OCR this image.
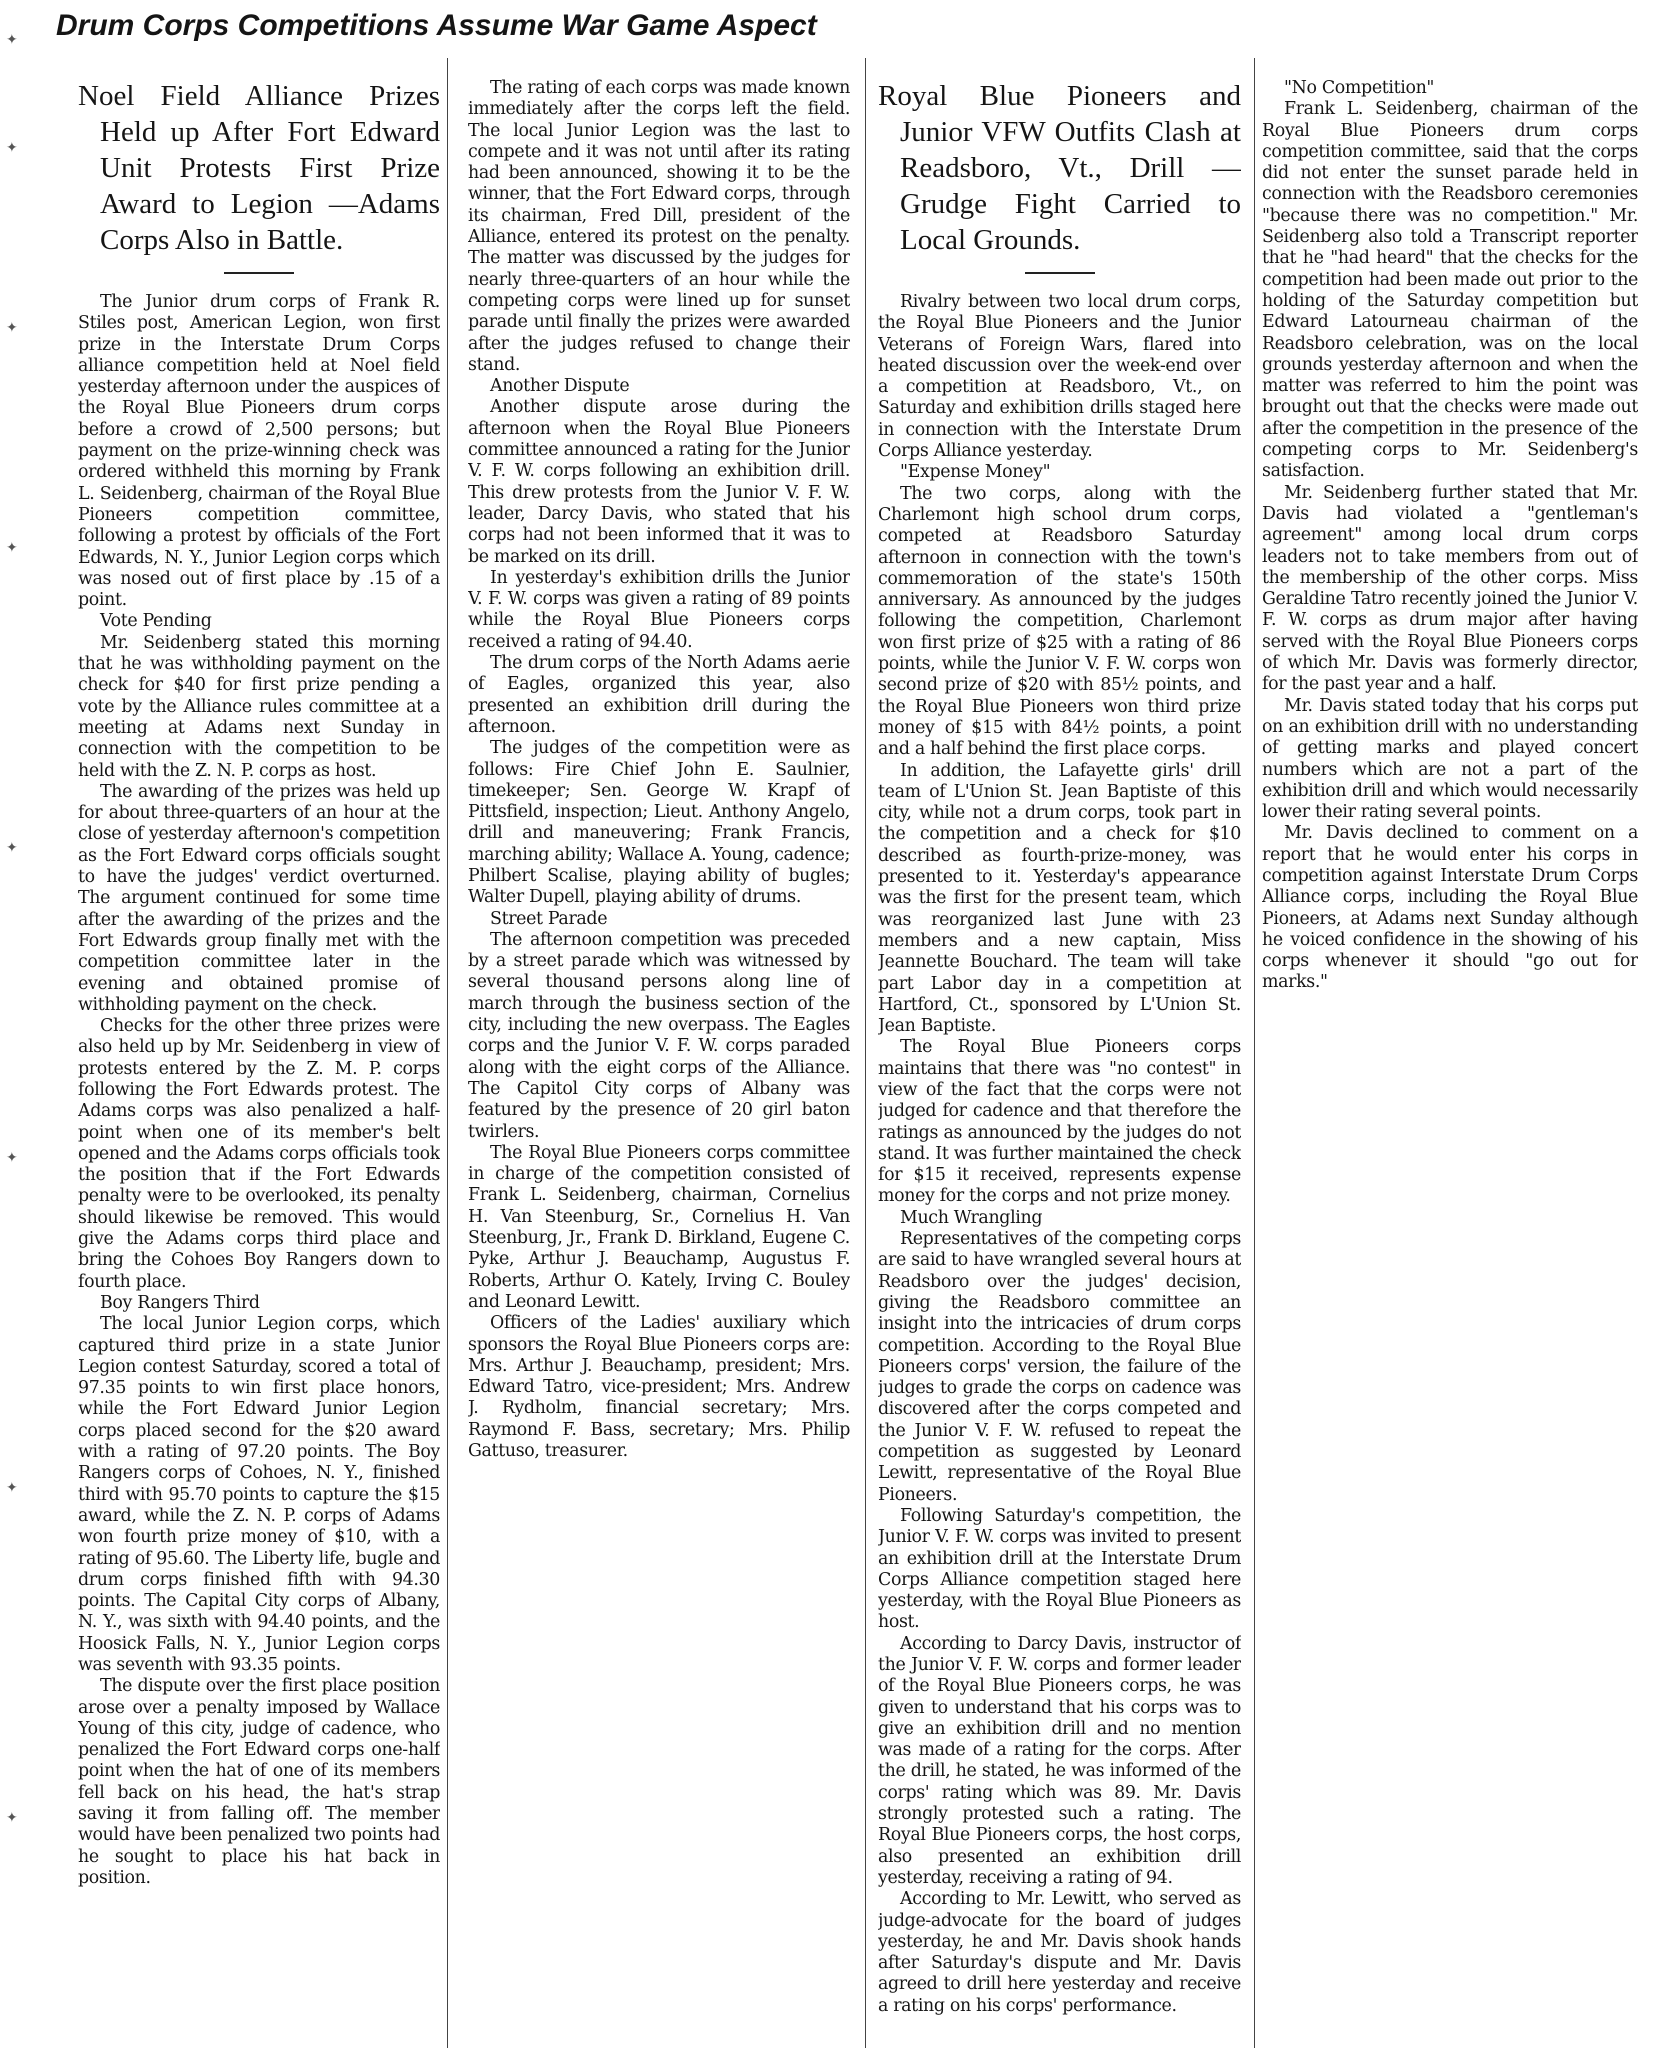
Drum Corps Competitions Assume War Game Aspect
✦
✦
✦
✦
✦
✦
✦
✦

Noel Field Alliance Prizes Held up After Fort Edward Unit Protests First Prize Award to Legion —Adams Corps Also in Battle.

The Junior drum corps of Frank R. Stiles post, American Legion, won first prize in the Interstate Drum Corps alliance competition held at Noel field yesterday afternoon under the auspices of the Royal Blue Pioneers drum corps before a crowd of 2,500 persons; but payment on the prize-winning check was ordered withheld this morning by Frank L. Seidenberg, chairman of the Royal Blue Pioneers competition committee, following a protest by officials of the Fort Edwards, N. Y., Junior Legion corps which was nosed out of first place by .15 of a point.

Vote Pending

Mr. Seidenberg stated this morning that he was withholding payment on the check for $40 for first prize pending a vote by the Alliance rules committee at a meeting at Adams next Sunday in connection with the competition to be held with the Z. N. P. corps as host.

The awarding of the prizes was held up for about three-quarters of an hour at the close of yesterday afternoon's competition as the Fort Edward corps officials sought to have the judges' verdict overturned. The argument continued for some time after the awarding of the prizes and the Fort Edwards group finally met with the competition committee later in the evening and obtained promise of withholding payment on the check.

Checks for the other three prizes were also held up by Mr. Seidenberg in view of protests entered by the Z. M. P. corps following the Fort Edwards protest. The Adams corps was also penalized a half-point when one of its member's belt opened and the Adams corps officials took the position that if the Fort Edwards penalty were to be overlooked, its penalty should likewise be removed. This would give the Adams corps third place and bring the Cohoes Boy Rangers down to fourth place.

Boy Rangers Third

The local Junior Legion corps, which captured third prize in a state Junior Legion contest Saturday, scored a total of 97.35 points to win first place honors, while the Fort Edward Junior Legion corps placed second for the $20 award with a rating of 97.20 points. The Boy Rangers corps of Cohoes, N. Y., finished third with 95.70 points to capture the $15 award, while the Z. N. P. corps of Adams won fourth prize money of $10, with a rating of 95.60. The Liberty life, bugle and drum corps finished fifth with 94.30 points. The Capital City corps of Albany, N. Y., was sixth with 94.40 points, and the Hoosick Falls, N. Y., Junior Legion corps was seventh with 93.35 points.

The dispute over the first place position arose over a penalty imposed by Wallace Young of this city, judge of cadence, who penalized the Fort Edward corps one-half point when the hat of one of its members fell back on his head, the hat's strap saving it from falling off. The member would have been penalized two points had he sought to place his hat back in position.

The rating of each corps was made known immediately after the corps left the field. The local Junior Legion was the last to compete and it was not until after its rating had been announced, showing it to be the winner, that the Fort Edward corps, through its chairman, Fred Dill, president of the Alliance, entered its protest on the penalty. The matter was discussed by the judges for nearly three-quarters of an hour while the competing corps were lined up for sunset parade until finally the prizes were awarded after the judges refused to change their stand.

Another Dispute

Another dispute arose during the afternoon when the Royal Blue Pioneers committee announced a rating for the Junior V. F. W. corps following an exhibition drill. This drew protests from the Junior V. F. W. leader, Darcy Davis, who stated that his corps had not been informed that it was to be marked on its drill.

In yesterday's exhibition drills the Junior V. F. W. corps was given a rating of 89 points while the Royal Blue Pioneers corps received a rating of 94.40.

The drum corps of the North Adams aerie of Eagles, organized this year, also presented an exhibition drill during the afternoon.

The judges of the competition were as follows: Fire Chief John E. Saulnier, timekeeper; Sen. George W. Krapf of Pittsfield, inspection; Lieut. Anthony Angelo, drill and maneuvering; Frank Francis, marching ability; Wallace A. Young, cadence; Philbert Scalise, playing ability of bugles; Walter Dupell, playing ability of drums.

Street Parade

The afternoon competition was preceded by a street parade which was witnessed by several thousand persons along line of march through the business section of the city, including the new overpass. The Eagles corps and the Junior V. F. W. corps paraded along with the eight corps of the Alliance. The Capitol City corps of Albany was featured by the presence of 20 girl baton twirlers.

The Royal Blue Pioneers corps committee in charge of the competition consisted of Frank L. Seidenberg, chairman, Cornelius H. Van Steenburg, Sr., Cornelius H. Van Steenburg, Jr., Frank D. Birkland, Eugene C. Pyke, Arthur J. Beauchamp, Augustus F. Roberts, Arthur O. Kately, Irving C. Bouley and Leonard Lewitt.

Officers of the Ladies' auxiliary which sponsors the Royal Blue Pioneers corps are: Mrs. Arthur J. Beauchamp, president; Mrs. Edward Tatro, vice-president; Mrs. Andrew J. Rydholm, financial secretary; Mrs. Raymond F. Bass, secretary; Mrs. Philip Gattuso, treasurer.

Royal Blue Pioneers and Junior VFW Outfits Clash at Readsboro, Vt., Drill — Grudge Fight Carried to Local Grounds.

Rivalry between two local drum corps, the Royal Blue Pioneers and the Junior Veterans of Foreign Wars, flared into heated discussion over the week-end over a competition at Readsboro, Vt., on Saturday and exhibition drills staged here in connection with the Interstate Drum Corps Alliance yesterday.

"Expense Money"

The two corps, along with the Charlemont high school drum corps, competed at Readsboro Saturday afternoon in connection with the town's commemoration of the state's 150th anniversary. As announced by the judges following the competition, Charlemont won first prize of $25 with a rating of 86 points, while the Junior V. F. W. corps won second prize of $20 with 85½ points, and the Royal Blue Pioneers won third prize money of $15 with 84½ points, a point and a half behind the first place corps.

In addition, the Lafayette girls' drill team of L'Union St. Jean Baptiste of this city, while not a drum corps, took part in the competition and a check for $10 described as fourth-prize-money, was presented to it. Yesterday's appearance was the first for the present team, which was reorganized last June with 23 members and a new captain, Miss Jeannette Bouchard. The team will take part Labor day in a competition at Hartford, Ct., sponsored by L'Union St. Jean Baptiste.

The Royal Blue Pioneers corps maintains that there was "no contest" in view of the fact that the corps were not judged for cadence and that therefore the ratings as announced by the judges do not stand. It was further maintained the check for $15 it received, represents expense money for the corps and not prize money.

Much Wrangling

Representatives of the competing corps are said to have wrangled several hours at Readsboro over the judges' decision, giving the Readsboro committee an insight into the intricacies of drum corps competition. According to the Royal Blue Pioneers corps' version, the failure of the judges to grade the corps on cadence was discovered after the corps competed and the Junior V. F. W. refused to repeat the competition as suggested by Leonard Lewitt, representative of the Royal Blue Pioneers.

Following Saturday's competition, the Junior V. F. W. corps was invited to present an exhibition drill at the Interstate Drum Corps Alliance competition staged here yesterday, with the Royal Blue Pioneers as host.

According to Darcy Davis, instructor of the Junior V. F. W. corps and former leader of the Royal Blue Pioneers corps, he was given to understand that his corps was to give an exhibition drill and no mention was made of a rating for the corps. After the drill, he stated, he was informed of the corps' rating which was 89. Mr. Davis strongly protested such a rating. The Royal Blue Pioneers corps, the host corps, also presented an exhibition drill yesterday, receiving a rating of 94.

According to Mr. Lewitt, who served as judge-advocate for the board of judges yesterday, he and Mr. Davis shook hands after Saturday's dispute and Mr. Davis agreed to drill here yesterday and receive a rating on his corps' performance.

"No Competition"

Frank L. Seidenberg, chairman of the Royal Blue Pioneers drum corps competition committee, said that the corps did not enter the sunset parade held in connection with the Readsboro ceremonies "because there was no competition." Mr. Seidenberg also told a Transcript reporter that he "had heard" that the checks for the competition had been made out prior to the holding of the Saturday competition but Edward Latourneau chairman of the Readsboro celebration, was on the local grounds yesterday afternoon and when the matter was referred to him the point was brought out that the checks were made out after the competition in the presence of the competing corps to Mr. Seidenberg's satisfaction.

Mr. Seidenberg further stated that Mr. Davis had violated a "gentleman's agreement" among local drum corps leaders not to take members from out of the membership of the other corps. Miss Geraldine Tatro recently joined the Junior V. F. W. corps as drum major after having served with the Royal Blue Pioneers corps of which Mr. Davis was formerly director, for the past year and a half.

Mr. Davis stated today that his corps put on an exhibition drill with no understanding of getting marks and played concert numbers which are not a part of the exhibition drill and which would necessarily lower their rating several points.

Mr. Davis declined to comment on a report that he would enter his corps in competition against Interstate Drum Corps Alliance corps, including the Royal Blue Pioneers, at Adams next Sunday although he voiced confidence in the showing of his corps whenever it should "go out for marks."
